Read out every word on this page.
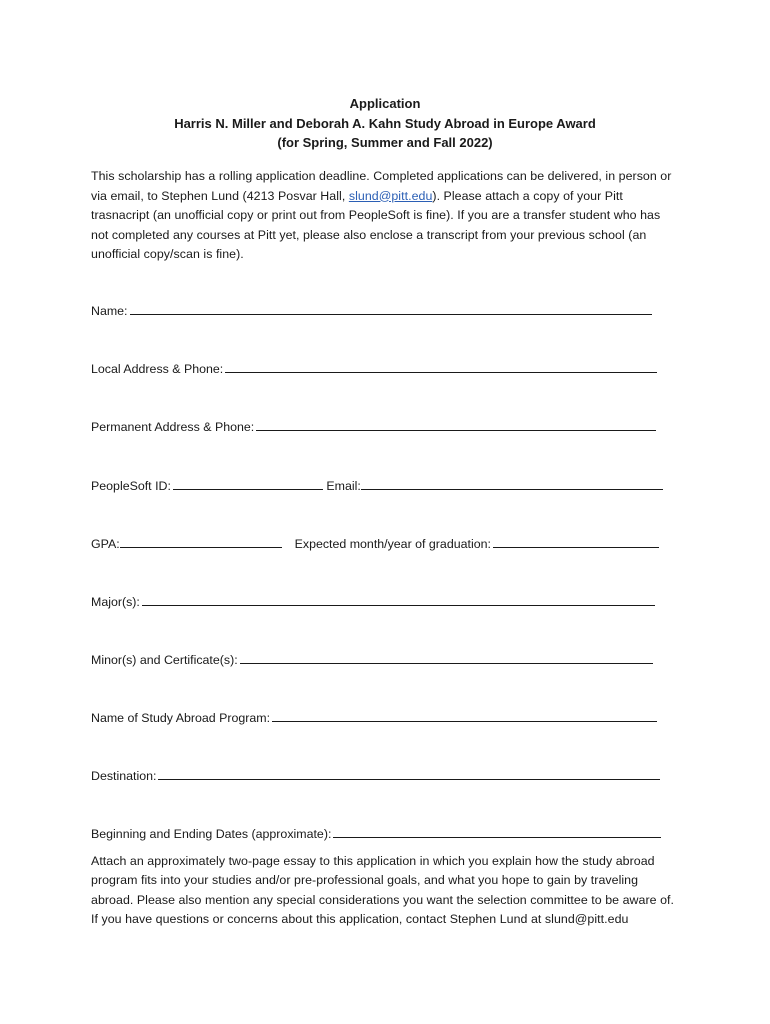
Application
Harris N. Miller and Deborah A. Kahn Study Abroad in Europe Award
(for Spring, Summer and Fall 2022)
This scholarship has a rolling application deadline. Completed applications can be delivered, in person or via email, to Stephen Lund (4213 Posvar Hall, slund@pitt.edu). Please attach a copy of your Pitt trasnacript (an unofficial copy or print out from PeopleSoft is fine). If you are a transfer student who has not completed any courses at Pitt yet, please also enclose a transcript from your previous school (an unofficial copy/scan is fine).
Name:
Local Address & Phone:
Permanent Address & Phone:
PeopleSoft ID:	Email:
GPA:	Expected month/year of graduation:
Major(s):
Minor(s) and Certificate(s):
Name of Study Abroad Program:
Destination:
Beginning and Ending Dates (approximate):
Attach an approximately two-page essay to this application in which you explain how the study abroad program fits into your studies and/or pre-professional goals, and what you hope to gain by traveling abroad. Please also mention any special considerations you want the selection committee to be aware of. If you have questions or concerns about this application, contact Stephen Lund at slund@pitt.edu
